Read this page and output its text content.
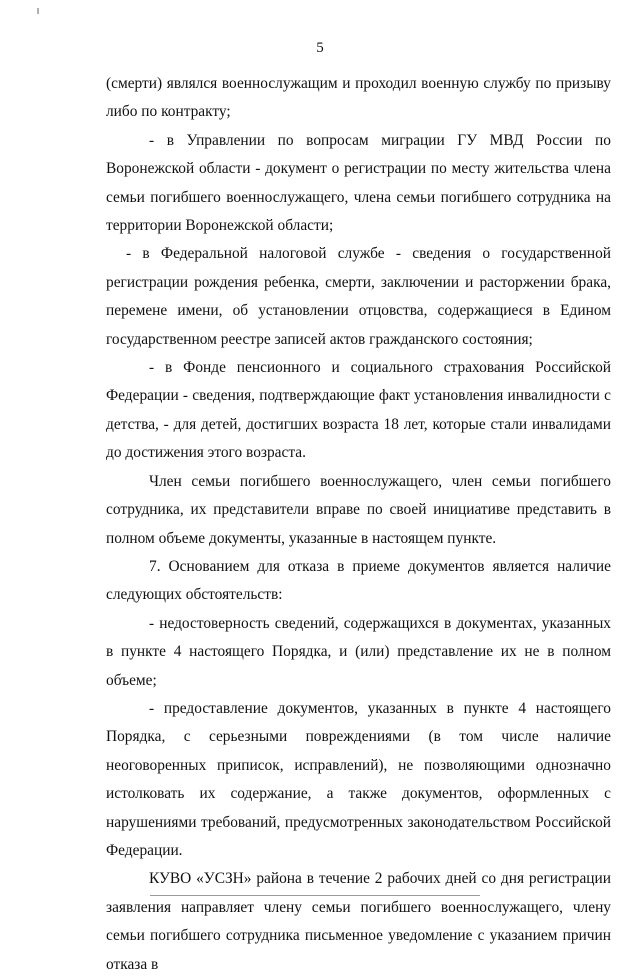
5

(смерти) являлся военнослужащим и проходил военную службу по призыву либо по контракту;

- в Управлении по вопросам миграции ГУ МВД России по Воронежской области - документ о регистрации по месту жительства члена семьи погибшего военнослужащего, члена семьи погибшего сотрудника на территории Воронежской области;

- в Федеральной налоговой службе - сведения о государственной регистрации рождения ребенка, смерти, заключении и расторжении брака, перемене имени, об установлении отцовства, содержащиеся в Едином государственном реестре записей актов гражданского состояния;

- в Фонде пенсионного и социального страхования Российской Федерации - сведения, подтверждающие факт установления инвалидности с детства, - для детей, достигших возраста 18 лет, которые стали инвалидами до достижения этого возраста.

Член семьи погибшего военнослужащего, член семьи погибшего сотрудника, их представители вправе по своей инициативе представить в полном объеме документы, указанные в настоящем пункте.

7. Основанием для отказа в приеме документов является наличие следующих обстоятельств:

- недостоверность сведений, содержащихся в документах, указанных в пункте 4 настоящего Порядка, и (или) представление их не в полном объеме;

- предоставление документов, указанных в пункте 4 настоящего Порядка, с серьезными повреждениями (в том числе наличие неоговоренных приписок, исправлений), не позволяющими однозначно истолковать их содержание, а также документов, оформленных с нарушениями требований, предусмотренных законодательством Российской Федерации.

КУВО «УСЗН» района в течение 2 рабочих дней со дня регистрации заявления направляет члену семьи погибшего военнослужащего, члену семьи погибшего сотрудника письменное уведомление с указанием причин отказа в
